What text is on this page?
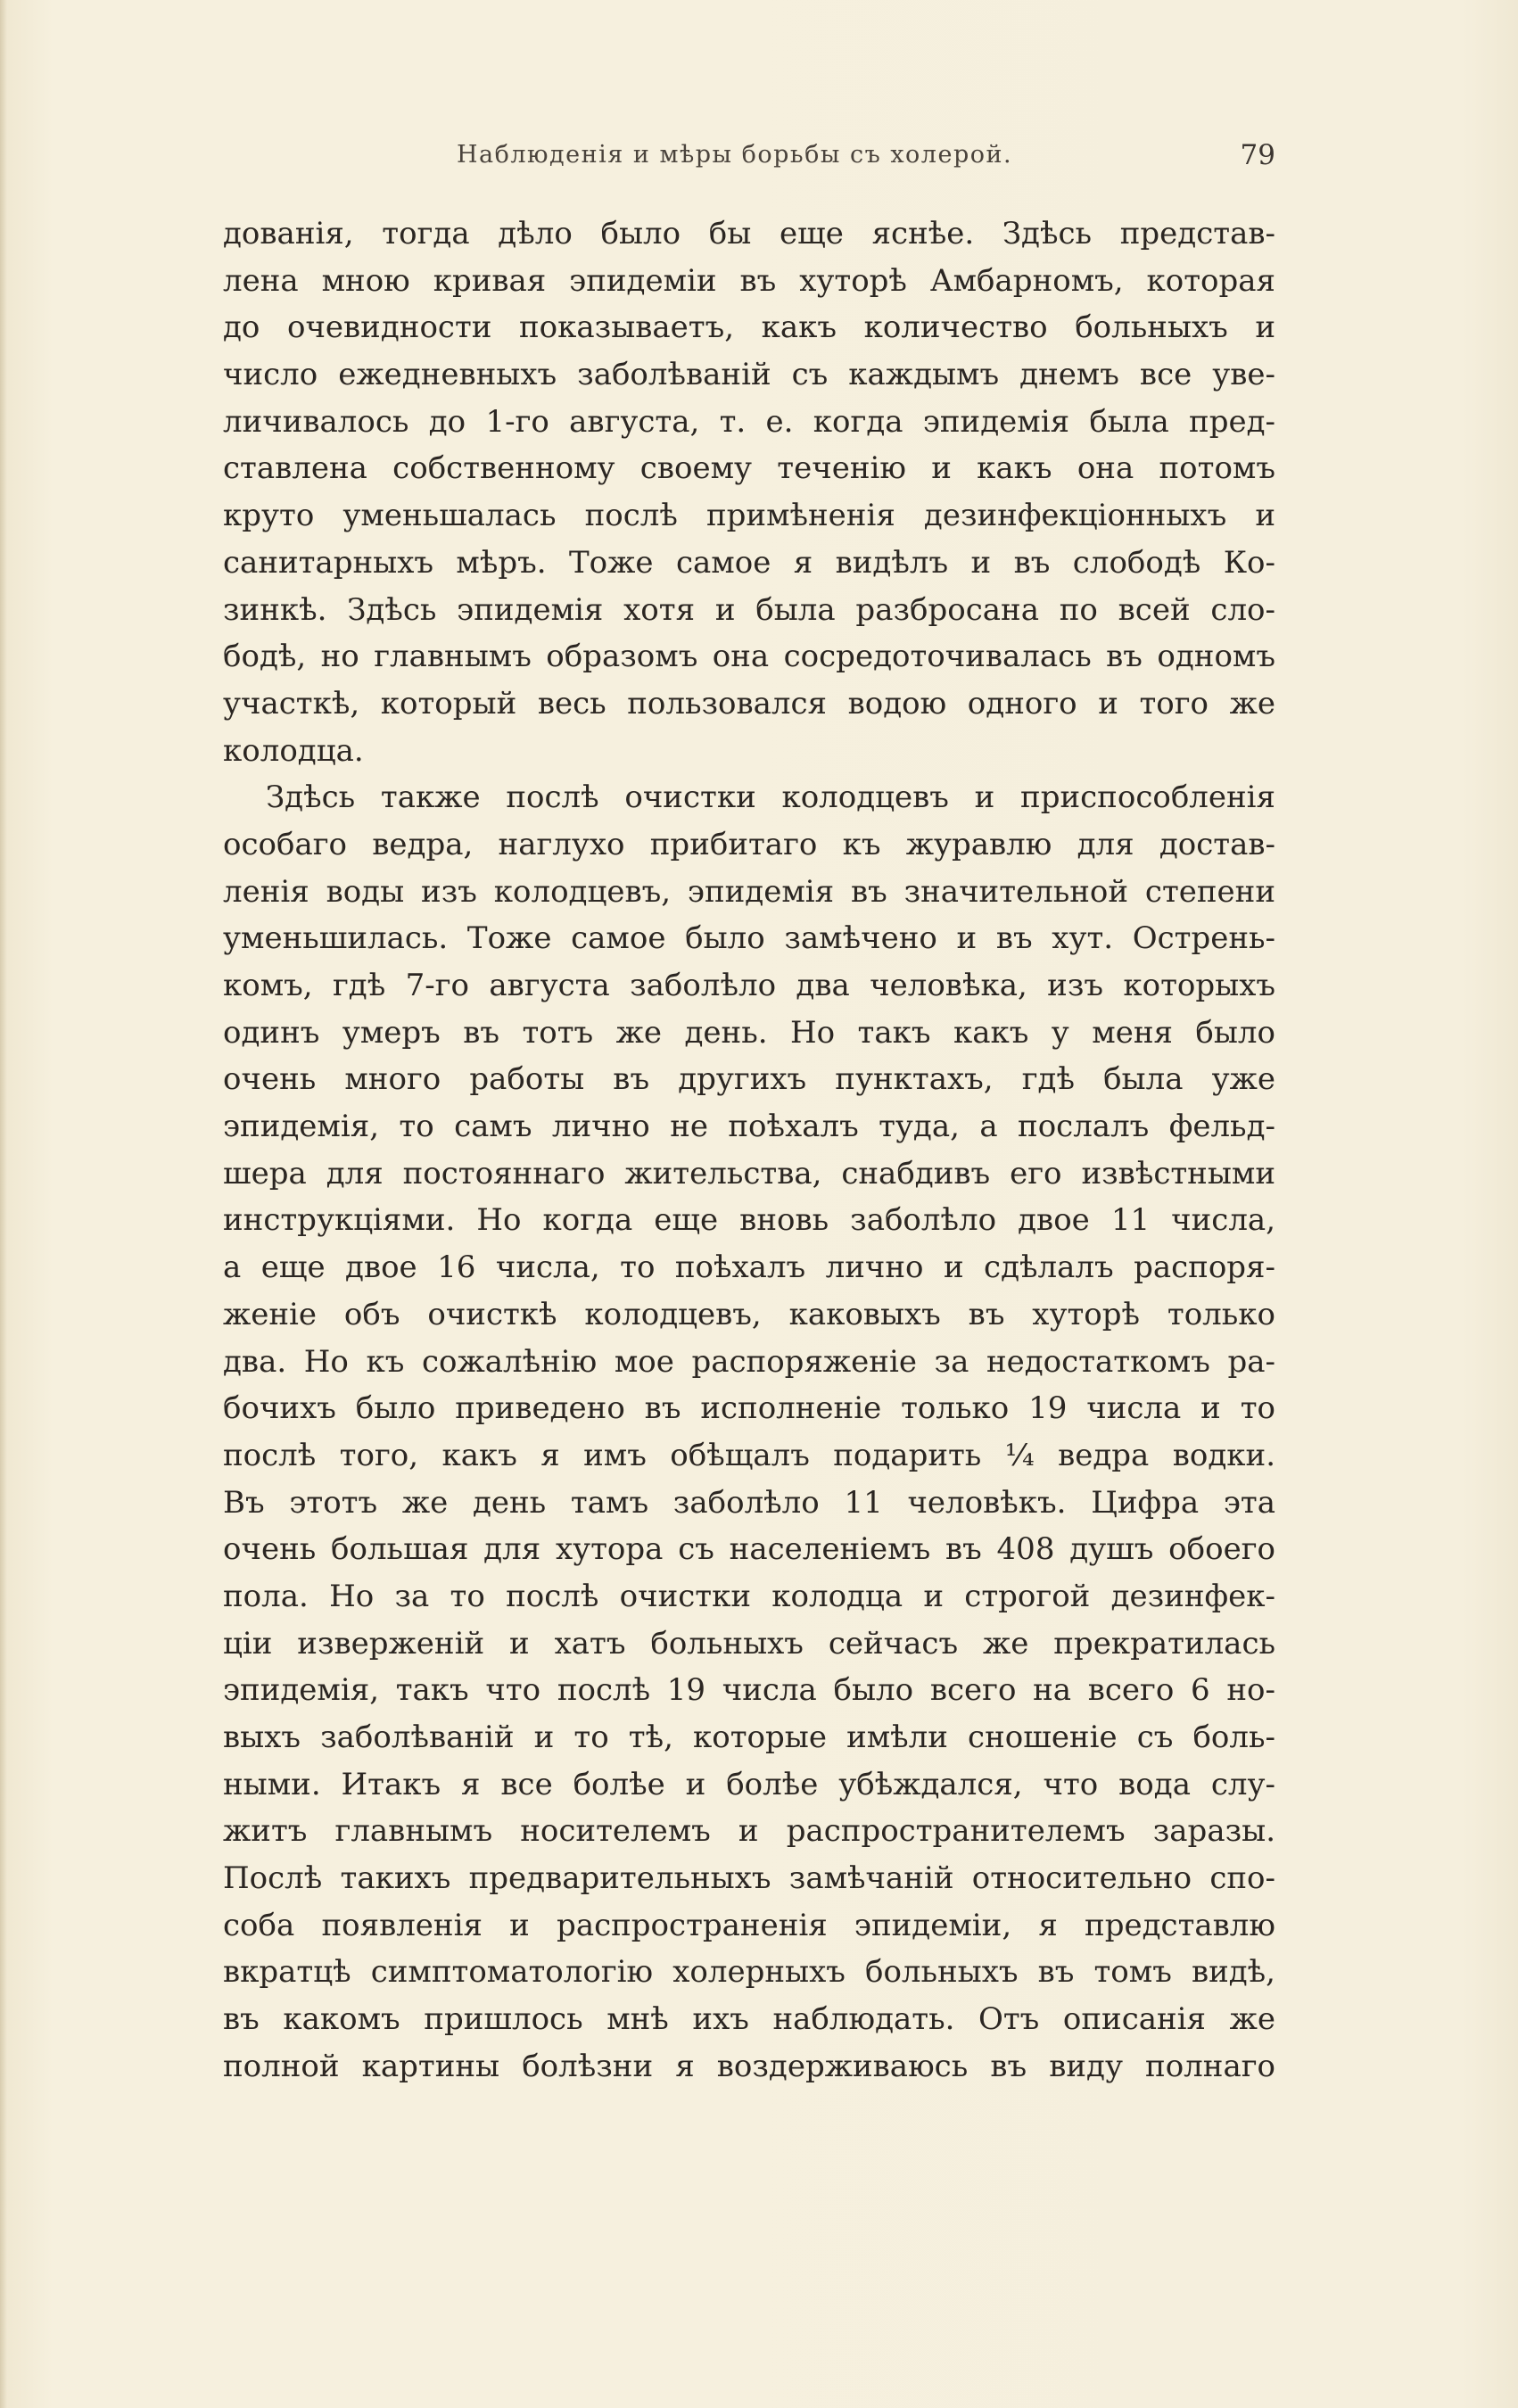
Наблюденія и мѣры борьбы съ холерой.	79
дованія, тогда дѣло было бы еще яснѣе. Здѣсь представ-
лена мною кривая эпидеміи въ хуторѣ Амбарномъ, которая
до очевидности показываетъ, какъ количество больныхъ и
число ежедневныхъ заболѣваній съ каждымъ днемъ все уве-
личивалось до 1-го августа, т. е. когда эпидемія была пред-
ставлена собственному своему теченію и какъ она потомъ
круто уменьшалась послѣ примѣненія дезинфекціонныхъ и
санитарныхъ мѣръ. Тоже самое я видѣлъ и въ слободѣ Ко-
зинкѣ. Здѣсь эпидемія хотя и была разбросана по всей сло-
бодѣ, но главнымъ образомъ она сосредоточивалась въ одномъ
участкѣ, который весь пользовался водою одного и того же
колодца.
Здѣсь также послѣ очистки колодцевъ и приспособленія
особаго ведра, наглухо прибитаго къ журавлю для достав-
ленія воды изъ колодцевъ, эпидемія въ значительной степени
уменьшилась. Тоже самое было замѣчено и въ хут. Острень-
комъ, гдѣ 7-го августа заболѣло два человѣка, изъ которыхъ
одинъ умеръ въ тотъ же день. Но такъ какъ у меня было
очень много работы въ другихъ пунктахъ, гдѣ была уже
эпидемія, то самъ лично не поѣхалъ туда, а послалъ фельд-
шера для постояннаго жительства, снабдивъ его извѣстными
инструкціями. Но когда еще вновь заболѣло двое 11 числа,
а еще двое 16 числа, то поѣхалъ лично и сдѣлалъ распоря-
женіе объ очисткѣ колодцевъ, каковыхъ въ хуторѣ только
два. Но къ сожалѣнію мое распоряженіе за недостаткомъ ра-
бочихъ было приведено въ исполненіе только 19 числа и то
послѣ того, какъ я имъ обѣщалъ подарить ¼ ведра водки.
Въ этотъ же день тамъ заболѣло 11 человѣкъ. Цифра эта
очень большая для хутора съ населеніемъ въ 408 душъ обоего
пола. Но за то послѣ очистки колодца и строгой дезинфек-
ціи изверженій и хатъ больныхъ сейчасъ же прекратилась
эпидемія, такъ что послѣ 19 числа было всего на всего 6 но-
выхъ заболѣваній и то тѣ, которые имѣли сношеніе съ боль-
ными. Итакъ я все болѣе и болѣе убѣждался, что вода слу-
житъ главнымъ носителемъ и распространителемъ заразы.
Послѣ такихъ предварительныхъ замѣчаній относительно спо-
соба появленія и распространенія эпидеміи, я представлю
вкратцѣ симптоматологію холерныхъ больныхъ въ томъ видѣ,
въ какомъ пришлось мнѣ ихъ наблюдать. Отъ описанія же
полной картины болѣзни я воздерживаюсь въ виду полнаго
